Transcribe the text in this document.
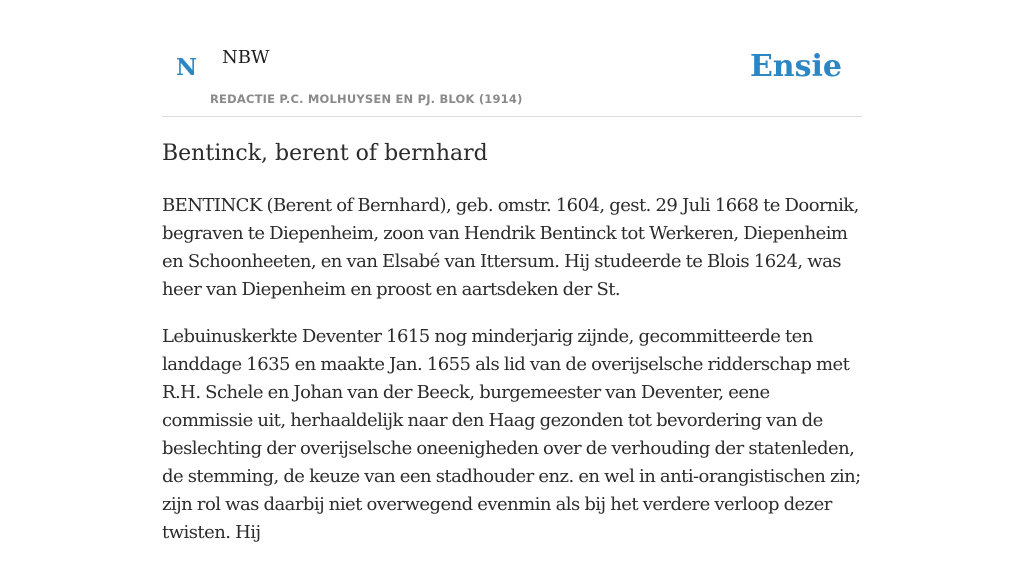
N NBW
REDACTIE P.C. MOLHUYSEN EN PJ. BLOK (1914)
Ensie
Bentinck, berent of bernhard

BENTINCK (Berent of Bernhard), geb. omstr. 1604, gest. 29 Juli 1668 te Doornik, begraven te Diepenheim, zoon van Hendrik Bentinck tot Werkeren, Diepenheim en Schoonheeten, en van Elsabé van Ittersum. Hij studeerde te Blois 1624, was heer van Diepenheim en proost en aartsdeken der St.

Lebuinuskerkte Deventer 1615 nog minderjarig zijnde, gecommitteerde ten landdage 1635 en maakte Jan. 1655 als lid van de overijselsche ridderschap met R.H. Schele en Johan van der Beeck, burgemeester van Deventer, eene commissie uit, herhaaldelijk naar den Haag gezonden tot bevordering van de beslechting der overijselsche oneenigheden over de verhouding der statenleden, de stemming, de keuze van een stadhouder enz. en wel in anti-orangistischen zin; zijn rol was daarbij niet overwegend evenmin als bij het verdere verloop dezer twisten. Hij
